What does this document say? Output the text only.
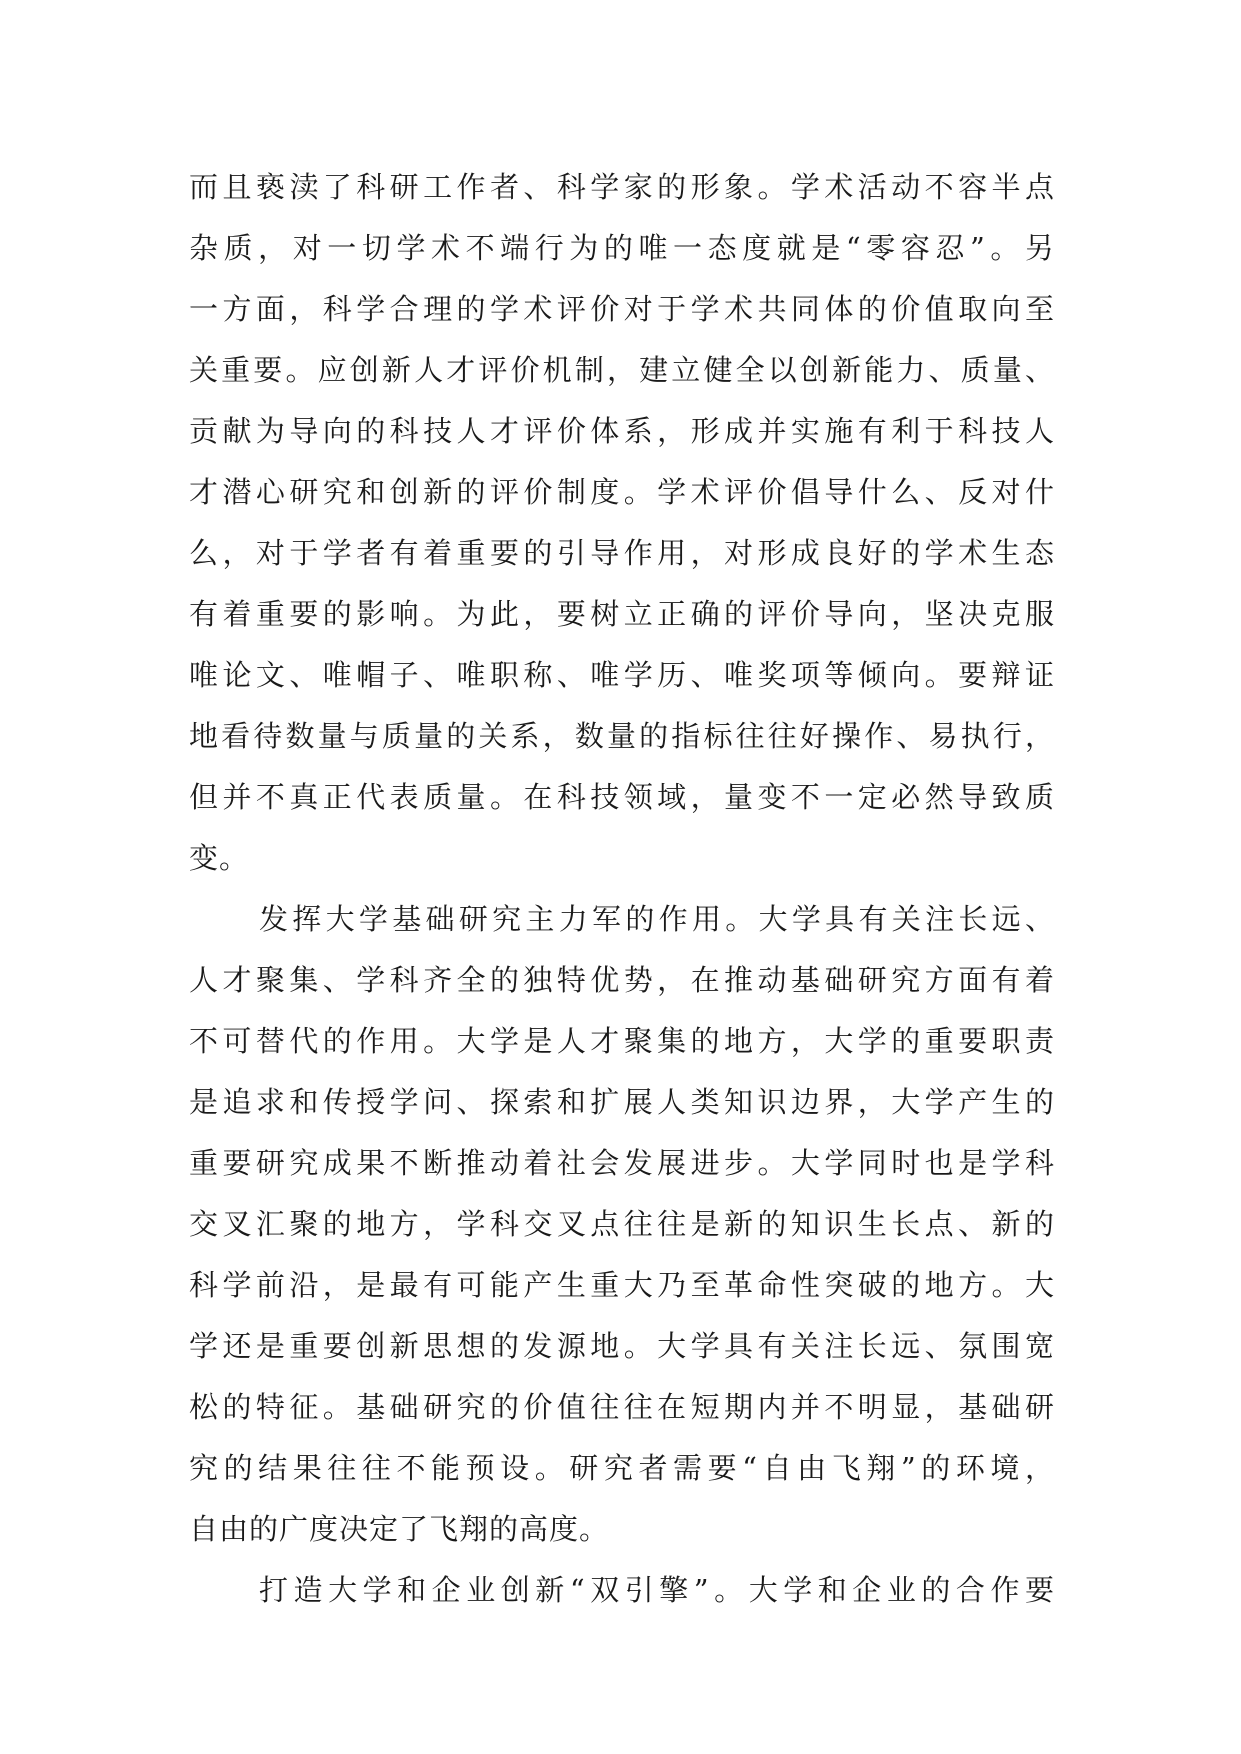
而且亵渎了科研工作者、科学家的形象。学术活动不容半点
杂质，对一切学术不端行为的唯一态度就是“零容忍”。另
一方面，科学合理的学术评价对于学术共同体的价值取向至
关重要。应创新人才评价机制，建立健全以创新能力、质量、
贡献为导向的科技人才评价体系，形成并实施有利于科技人
才潜心研究和创新的评价制度。学术评价倡导什么、反对什
么，对于学者有着重要的引导作用，对形成良好的学术生态
有着重要的影响。为此，要树立正确的评价导向，坚决克服
唯论文、唯帽子、唯职称、唯学历、唯奖项等倾向。要辩证
地看待数量与质量的关系，数量的指标往往好操作、易执行，
但并不真正代表质量。在科技领域，量变不一定必然导致质
变。
发挥大学基础研究主力军的作用。大学具有关注长远、
人才聚集、学科齐全的独特优势，在推动基础研究方面有着
不可替代的作用。大学是人才聚集的地方，大学的重要职责
是追求和传授学问、探索和扩展人类知识边界，大学产生的
重要研究成果不断推动着社会发展进步。大学同时也是学科
交叉汇聚的地方，学科交叉点往往是新的知识生长点、新的
科学前沿，是最有可能产生重大乃至革命性突破的地方。大
学还是重要创新思想的发源地。大学具有关注长远、氛围宽
松的特征。基础研究的价值往往在短期内并不明显，基础研
究的结果往往不能预设。研究者需要“自由飞翔”的环境，
自由的广度决定了飞翔的高度。
打造大学和企业创新“双引擎”。大学和企业的合作要
